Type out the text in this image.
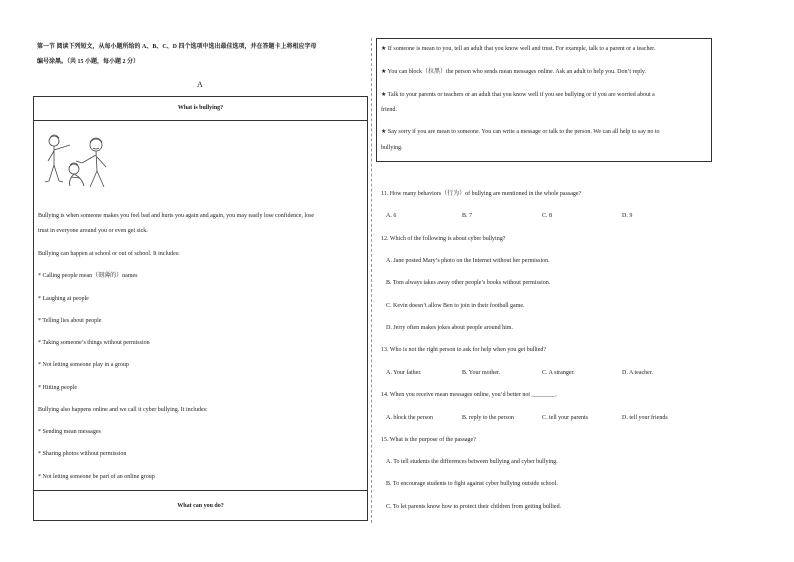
第一节 阅读下列短文，从每小题所给的 A、B、C、D 四个选项中选出最佳选项，并在答题卡上将相应字母
编号涂黑。（共 15 小题，每小题 2 分）
A
What is bullying?
Bullying is when someone makes you feel bad and hurts you again and again, you may easily lose confidence, lose
trust in everyone around you or even get sick.
Bullying can happen at school or out of school. It includes:
* Calling people mean（刻薄的）names
* Laughing at people
* Telling lies about people
* Taking someone’s things without permission
* Not letting someone play in a group
* Hitting people
Bullying also happens online and we call it cyber bullying. It includes:
* Sending mean messages
* Sharing photos without permission
* Not letting someone be part of an online group
What can you do?
★ If someone is mean to you, tell an adult that you know well and trust. For example, talk to a parent or a teacher.
★ You can block（拉黑）the person who sends mean messages online. Ask an adult to help you. Don’t reply.
★ Talk to your parents or teachers or an adult that you know well if you see bullying or if you are worried about a
friend.
★ Say sorry if you are mean to someone. You can write a message or talk to the person. We can all help to say no to
bullying.
11. How many behaviors（行为）of bullying are mentioned in the whole passage?
A. 6	B. 7	C. 8	D. 9
12. Which of the following is about cyber bullying?
A. Jane posted Mary’s photo on the Internet without her permission.
B. Tom always takes away other people’s books without permission.
C. Kevin doesn’t allow Ben to join in their football game.
D. Jerry often makes jokes about people around him.
13. Who is not the right person to ask for help when you get bullied?
A. Your father.	B. Your mother.	C. A stranger.	D. A teacher.
14. When you receive mean messages online, you’d better not ________.
A. block the person	B. reply to the person	C. tell your parents	D. tell your friends
15. What is the purpose of the passage?
A. To tell students the differences between bullying and cyber bullying.
B. To encourage students to fight against cyber bullying outside school.
C. To let parents know how to protect their children from getting bullied.
